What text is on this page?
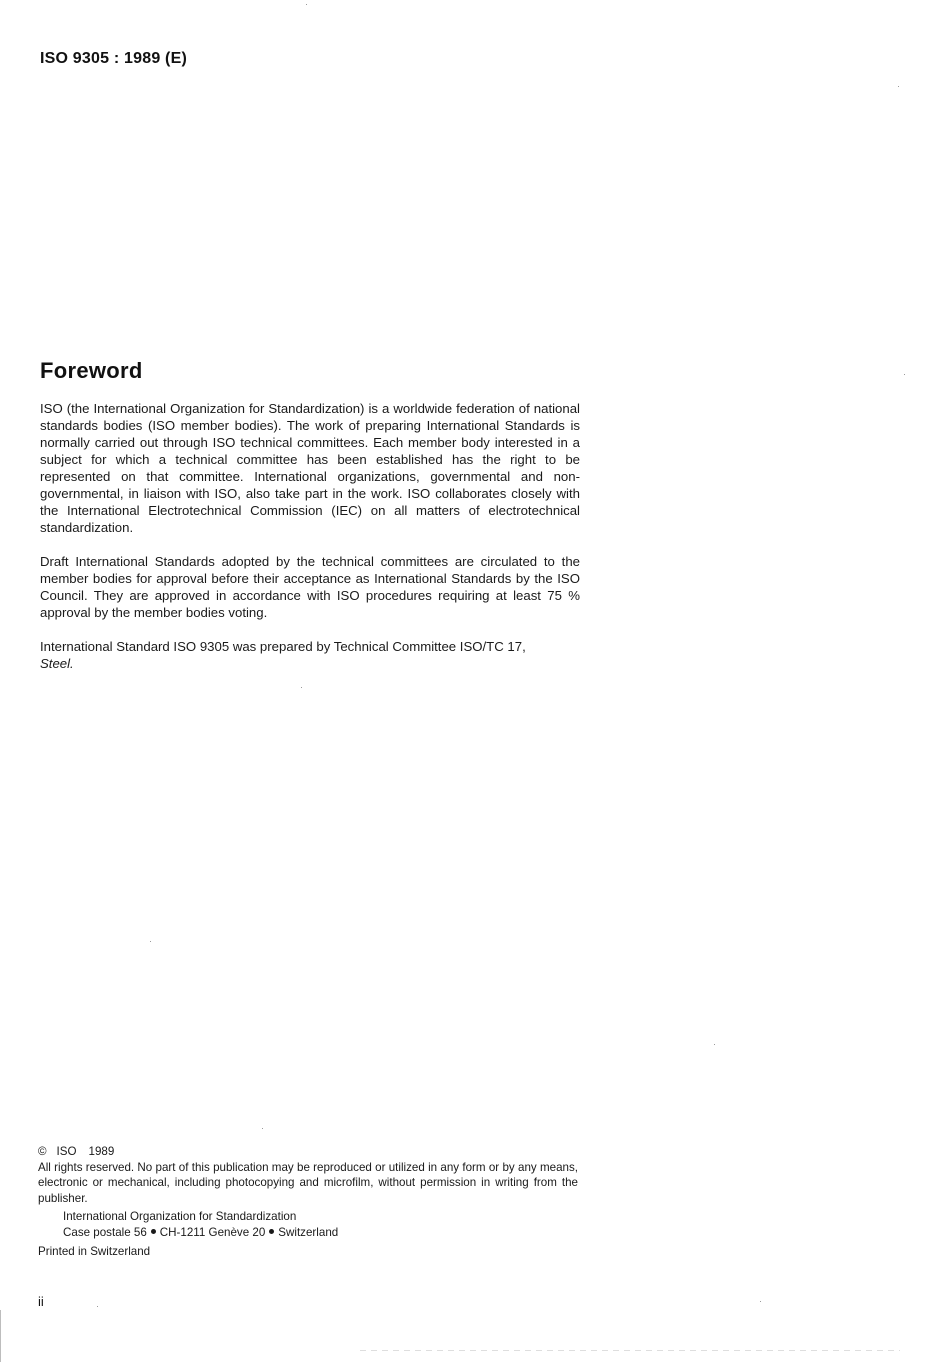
ISO 9305 : 1989 (E)
Foreword

ISO (the International Organization for Standardization) is a worldwide federation of national standards bodies (ISO member bodies). The work of preparing International Standards is normally carried out through ISO technical committees. Each member body interested in a subject for which a technical committee has been established has the right to be represented on that committee. International organizations, governmental and non-governmental, in liaison with ISO, also take part in the work. ISO collaborates closely with the International Electrotechnical Commission (IEC) on all matters of electrotechnical standardization.

Draft International Standards adopted by the technical committees are circulated to the member bodies for approval before their acceptance as International Standards by the ISO Council. They are approved in accordance with ISO procedures requiring at least 75 % approval by the member bodies voting.

International Standard ISO 9305 was prepared by Technical Committee ISO/TC 17,
Steel.

© ISO 1989

All rights reserved. No part of this publication may be reproduced or utilized in any form or by any means, electronic or mechanical, including photocopying and microfilm, without permission in writing from the publisher.

International Organization for Standardization
Case postale 56 CH-1211 Genève 20 Switzerland

Printed in Switzerland

ii
